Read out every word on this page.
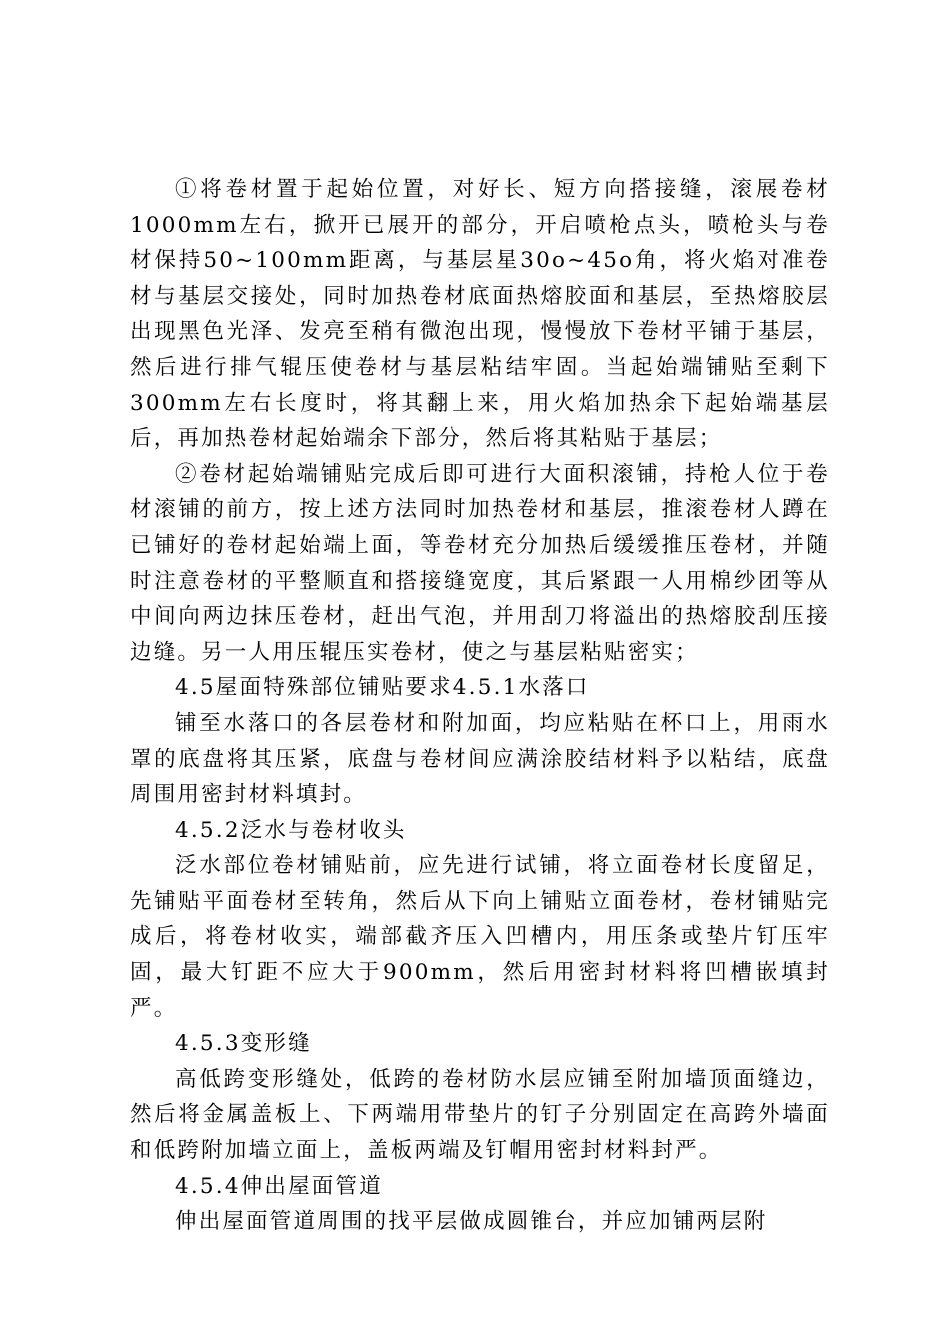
①将卷材置于起始位置，对好长、短方向搭接缝，滚展卷材1000mm左右，掀开已展开的部分，开启喷枪点头，喷枪头与卷材保持50~100mm距离，与基层星30o~45o角，将火焰对准卷材与基层交接处，同时加热卷材底面热熔胶面和基层，至热熔胶层出现黑色光泽、发亮至稍有微泡出现，慢慢放下卷材平铺于基层，然后进行排气辊压使卷材与基层粘结牢固。当起始端铺贴至剩下300mm左右长度时，将其翻上来，用火焰加热余下起始端基层后，再加热卷材起始端余下部分，然后将其粘贴于基层；

②卷材起始端铺贴完成后即可进行大面积滚铺，持枪人位于卷材滚铺的前方，按上述方法同时加热卷材和基层，推滚卷材人蹲在已铺好的卷材起始端上面，等卷材充分加热后缓缓推压卷材，并随时注意卷材的平整顺直和搭接缝宽度，其后紧跟一人用棉纱团等从中间向两边抹压卷材，赶出气泡，并用刮刀将溢出的热熔胶刮压接边缝。另一人用压辊压实卷材，使之与基层粘贴密实；

4.5屋面特殊部位铺贴要求4.5.1水落口

铺至水落口的各层卷材和附加面，均应粘贴在杯口上，用雨水罩的底盘将其压紧，底盘与卷材间应满涂胶结材料予以粘结，底盘周围用密封材料填封。

4.5.2泛水与卷材收头

泛水部位卷材铺贴前，应先进行试铺，将立面卷材长度留足，先铺贴平面卷材至转角，然后从下向上铺贴立面卷材，卷材铺贴完成后，将卷材收实，端部截齐压入凹槽内，用压条或垫片钉压牢固，最大钉距不应大于900mm，然后用密封材料将凹槽嵌填封严。

4.5.3变形缝

高低跨变形缝处，低跨的卷材防水层应铺至附加墙顶面缝边，然后将金属盖板上、下两端用带垫片的钉子分别固定在高跨外墙面和低跨附加墙立面上，盖板两端及钉帽用密封材料封严。

4.5.4伸出屋面管道

伸出屋面管道周围的找平层做成圆锥台，并应加铺两层附
